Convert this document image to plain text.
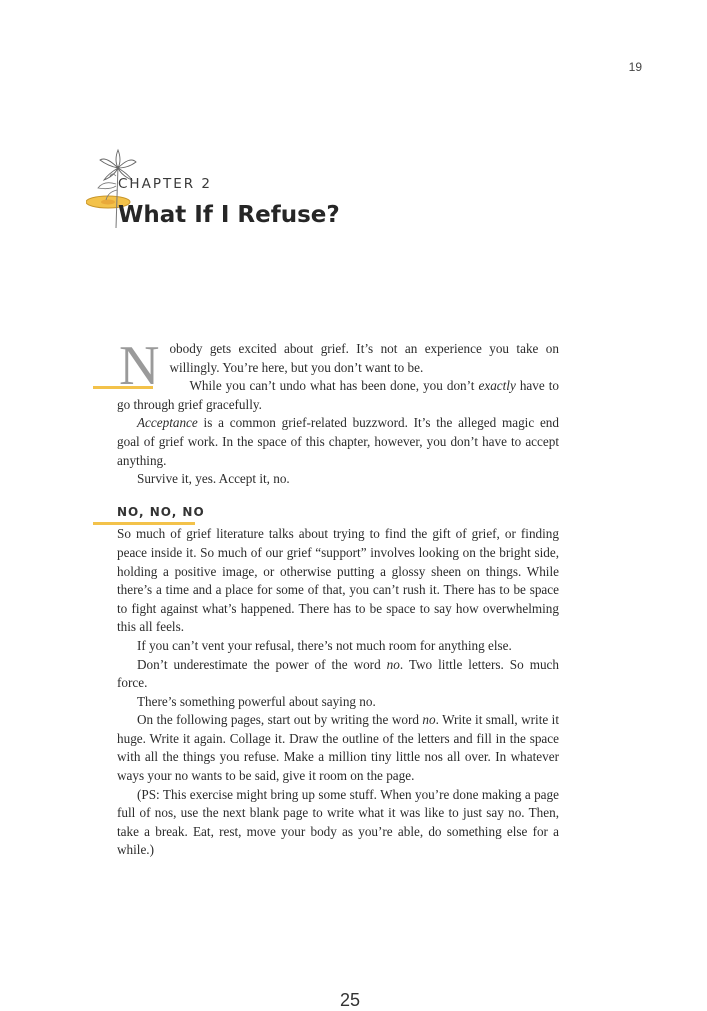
19
CHAPTER 2
What If I Refuse?

Nobody gets excited about grief. It’s not an experience you take on willingly. You’re here, but you don’t want to be.

While you can’t undo what has been done, you don’t exactly have to go through grief gracefully.

Acceptance is a common grief-related buzzword. It’s the alleged magic end goal of grief work. In the space of this chapter, however, you don’t have to accept anything.

Survive it, yes. Accept it, no.

NO, NO, NO

So much of grief literature talks about trying to find the gift of grief, or finding peace inside it. So much of our grief “support” involves looking on the bright side, holding a positive image, or otherwise putting a glossy sheen on things. While there’s a time and a place for some of that, you can’t rush it. There has to be space to fight against what’s happened. There has to be space to say how overwhelming this all feels.

If you can’t vent your refusal, there’s not much room for anything else.

Don’t underestimate the power of the word no. Two little letters. So much force.

There’s something powerful about saying no.

On the following pages, start out by writing the word no. Write it small, write it huge. Write it again. Collage it. Draw the outline of the letters and fill in the space with all the things you refuse. Make a million tiny little nos all over. In whatever ways your no wants to be said, give it room on the page.

(PS: This exercise might bring up some stuff. When you’re done making a page full of nos, use the next blank page to write what it was like to just say no. Then, take a break. Eat, rest, move your body as you’re able, do something else for a while.)

25
